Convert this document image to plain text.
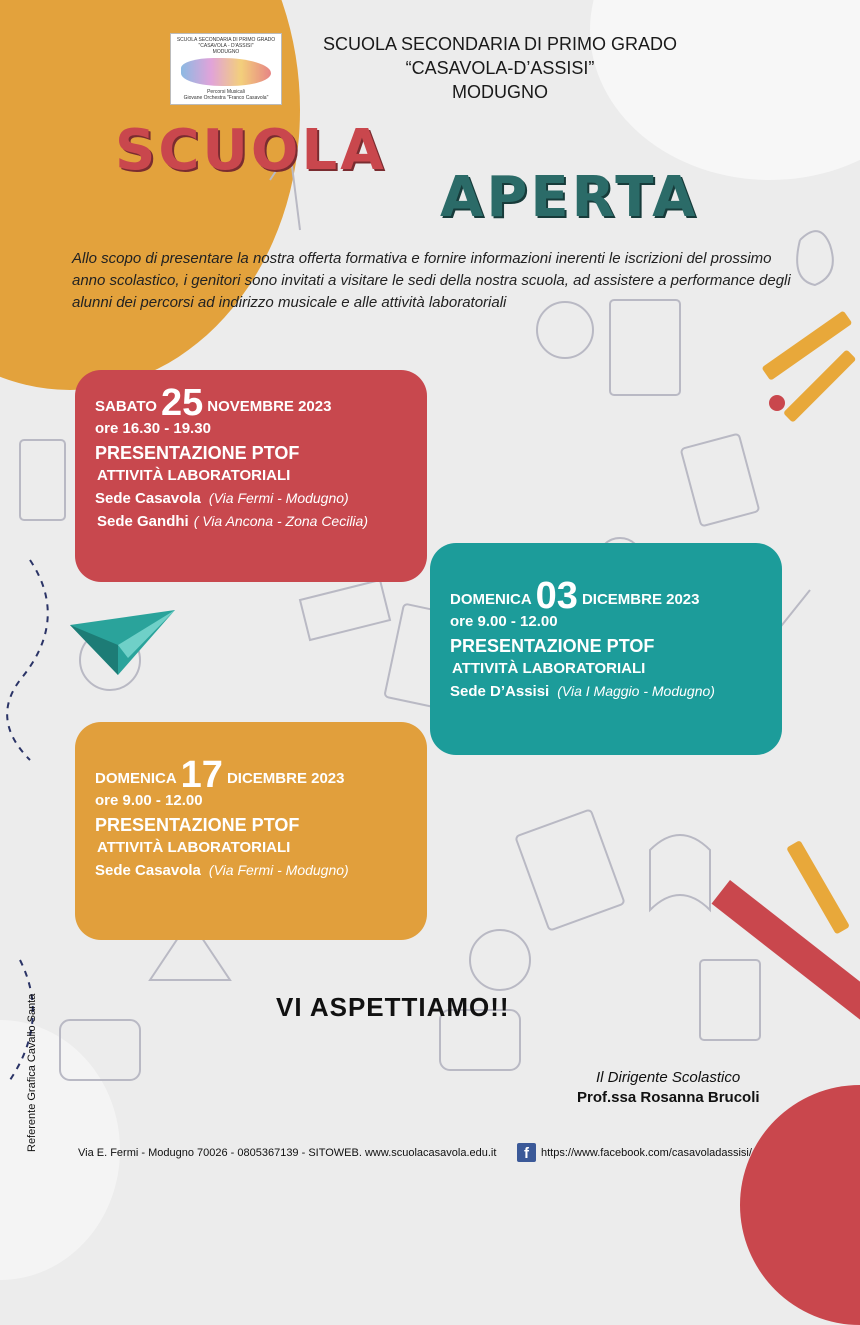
SCUOLA SECONDARIA DI PRIMO GRADO
"CASAVOLA - D'ASSISI"
MODUGNO
Percorsi Musicali
Giovane Orchestra "Franco Casavola"
SCUOLA SECONDARIA DI PRIMO GRADO
“CASAVOLA-D’ASSISI”
MODUGNO
SCUOLA
APERTA
Allo scopo di presentare la nostra offerta formativa e fornire informazioni inerenti le iscrizioni del prossimo anno scolastico, i genitori sono invitati a visitare le sedi della nostra scuola, ad assistere a performance degli alunni dei percorsi ad indirizzo musicale e alle attività laboratoriali
SABATO 25 NOVEMBRE 2023
ore 16.30 - 19.30
PRESENTAZIONE PTOF
ATTIVITÀ LABORATORIALI
Sede Casavola (Via Fermi - Modugno)
Sede Gandhi ( Via Ancona - Zona Cecilia)
DOMENICA 03 DICEMBRE 2023
ore 9.00 - 12.00
PRESENTAZIONE PTOF
ATTIVITÀ LABORATORIALI
Sede D’Assisi (Via I Maggio - Modugno)
DOMENICA 17 DICEMBRE 2023
ore 9.00 - 12.00
PRESENTAZIONE PTOF
ATTIVITÀ LABORATORIALI
Sede Casavola (Via Fermi - Modugno)
VI ASPETTIAMO!!
Il Dirigente Scolastico
Prof.ssa Rosanna Brucoli
Via E. Fermi - Modugno 70026 - 0805367139 - SITOWEB. www.scuolacasavola.edu.it	f	https://www.facebook.com/casavoladassisi/
Referente Grafica Cavallo Santa
